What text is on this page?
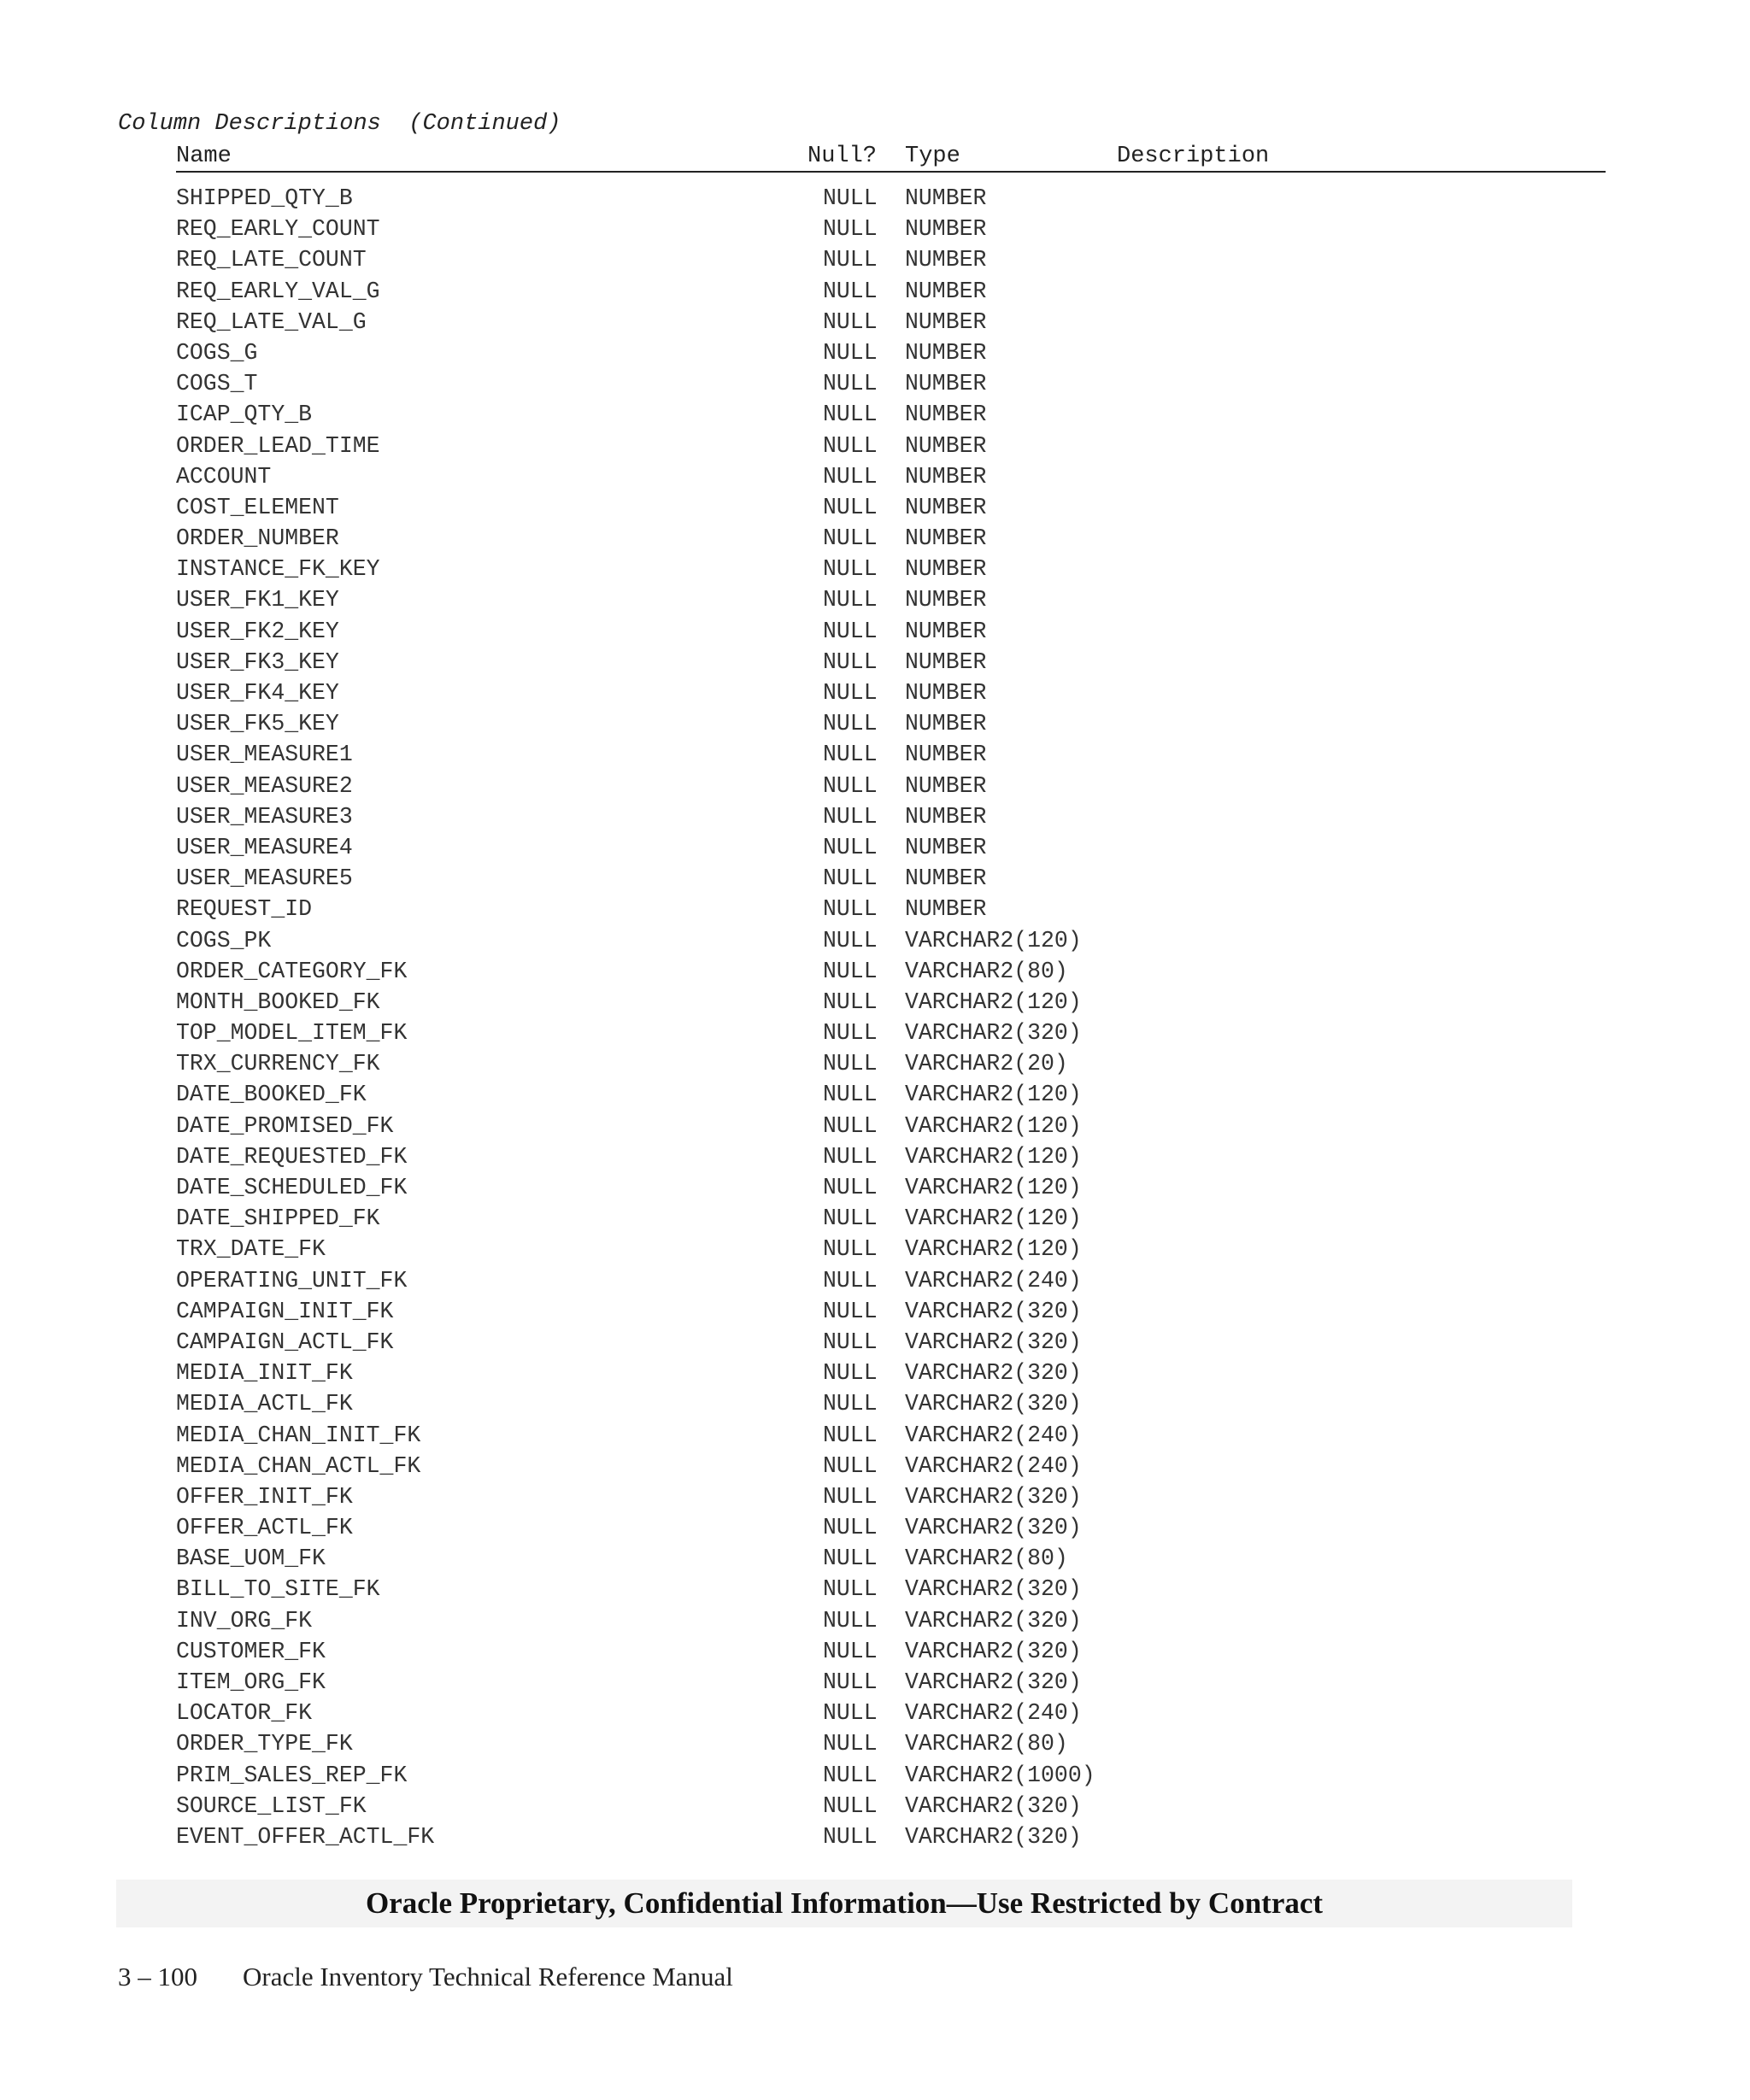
Column Descriptions  (Continued)
Name	Null? Type	Description
SHIPPED_QTY_B	NULL NUMBER
REQ_EARLY_COUNT	NULL NUMBER
REQ_LATE_COUNT	NULL NUMBER
REQ_EARLY_VAL_G	NULL NUMBER
REQ_LATE_VAL_G	NULL NUMBER
COGS_G	NULL NUMBER
COGS_T	NULL NUMBER
ICAP_QTY_B	NULL NUMBER
ORDER_LEAD_TIME	NULL NUMBER
ACCOUNT	NULL NUMBER
COST_ELEMENT	NULL NUMBER
ORDER_NUMBER	NULL NUMBER
INSTANCE_FK_KEY	NULL NUMBER
USER_FK1_KEY	NULL NUMBER
USER_FK2_KEY	NULL NUMBER
USER_FK3_KEY	NULL NUMBER
USER_FK4_KEY	NULL NUMBER
USER_FK5_KEY	NULL NUMBER
USER_MEASURE1	NULL NUMBER
USER_MEASURE2	NULL NUMBER
USER_MEASURE3	NULL NUMBER
USER_MEASURE4	NULL NUMBER
USER_MEASURE5	NULL NUMBER
REQUEST_ID	NULL NUMBER
COGS_PK	NULL VARCHAR2(120)
ORDER_CATEGORY_FK	NULL VARCHAR2(80)
MONTH_BOOKED_FK	NULL VARCHAR2(120)
TOP_MODEL_ITEM_FK	NULL VARCHAR2(320)
TRX_CURRENCY_FK	NULL VARCHAR2(20)
DATE_BOOKED_FK	NULL VARCHAR2(120)
DATE_PROMISED_FK	NULL VARCHAR2(120)
DATE_REQUESTED_FK	NULL VARCHAR2(120)
DATE_SCHEDULED_FK	NULL VARCHAR2(120)
DATE_SHIPPED_FK	NULL VARCHAR2(120)
TRX_DATE_FK	NULL VARCHAR2(120)
OPERATING_UNIT_FK	NULL VARCHAR2(240)
CAMPAIGN_INIT_FK	NULL VARCHAR2(320)
CAMPAIGN_ACTL_FK	NULL VARCHAR2(320)
MEDIA_INIT_FK	NULL VARCHAR2(320)
MEDIA_ACTL_FK	NULL VARCHAR2(320)
MEDIA_CHAN_INIT_FK	NULL VARCHAR2(240)
MEDIA_CHAN_ACTL_FK	NULL VARCHAR2(240)
OFFER_INIT_FK	NULL VARCHAR2(320)
OFFER_ACTL_FK	NULL VARCHAR2(320)
BASE_UOM_FK	NULL VARCHAR2(80)
BILL_TO_SITE_FK	NULL VARCHAR2(320)
INV_ORG_FK	NULL VARCHAR2(320)
CUSTOMER_FK	NULL VARCHAR2(320)
ITEM_ORG_FK	NULL VARCHAR2(320)
LOCATOR_FK	NULL VARCHAR2(240)
ORDER_TYPE_FK	NULL VARCHAR2(80)
PRIM_SALES_REP_FK	NULL VARCHAR2(1000)
SOURCE_LIST_FK	NULL VARCHAR2(320)
EVENT_OFFER_ACTL_FK	NULL VARCHAR2(320)
Oracle Proprietary, Confidential Information––Use Restricted by Contract
3 – 100 Oracle Inventory Technical Reference Manual
